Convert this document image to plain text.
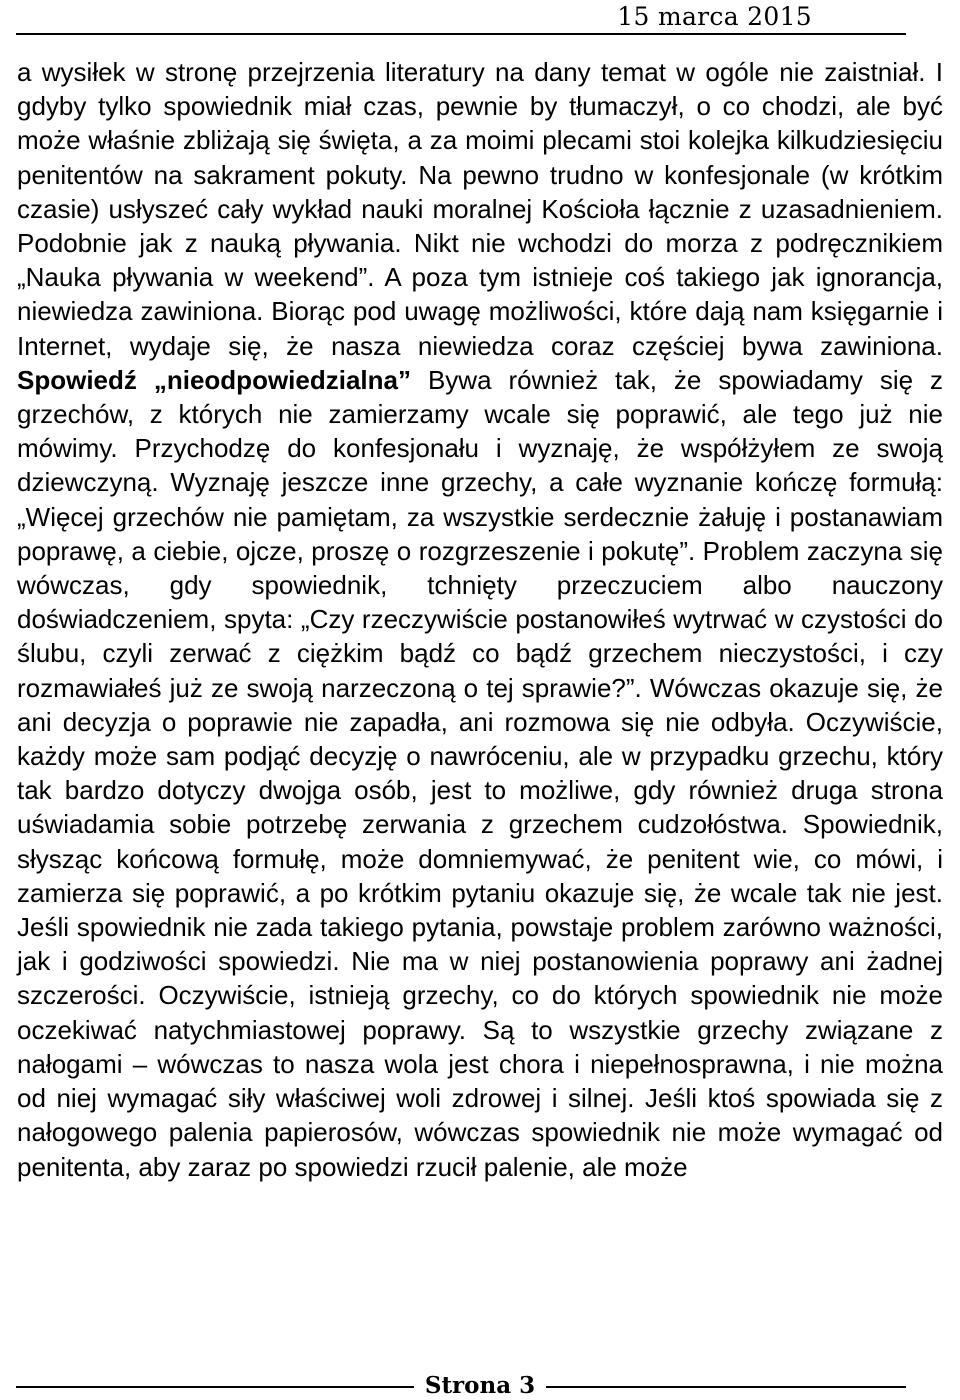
15 marca 2015

a wysiłek w stronę przejrzenia literatury na dany temat w ogóle nie zaistniał. I gdyby tylko spowiednik miał czas, pewnie by tłumaczył, o co chodzi, ale być może właśnie zbliżają się święta, a za moimi plecami stoi kolejka kilkudziesięciu penitentów na sakrament pokuty. Na pewno trudno w konfesjonale (w krótkim czasie) usłyszeć cały wykład nauki moralnej Kościoła łącznie z uzasadnieniem. Podobnie jak z nauką pływania. Nikt nie wchodzi do morza z podręcznikiem „Nauka pływania w weekend”. A poza tym istnieje coś takiego jak ignorancja, niewiedza zawiniona. Biorąc pod uwagę możliwości, które dają nam księgarnie i Internet, wydaje się, że nasza niewiedza coraz częściej bywa zawiniona. Spowiedź „nieodpowiedzialna” Bywa również tak, że spowiadamy się z grzechów, z których nie zamierzamy wcale się poprawić, ale tego już nie mówimy. Przychodzę do konfesjonału i wyznaję, że współżyłem ze swoją dziewczyną. Wyznaję jeszcze inne grzechy, a całe wyznanie kończę formułą: „Więcej grzechów nie pamiętam, za wszystkie serdecznie żałuję i postanawiam poprawę, a ciebie, ojcze, proszę o rozgrzeszenie i pokutę”. Problem zaczyna się wówczas, gdy spowiednik, tchnięty przeczuciem albo nauczony doświadczeniem, spyta: „Czy rzeczywiście postanowiłeś wytrwać w czystości do ślubu, czyli zerwać z ciężkim bądź co bądź grzechem nieczystości, i czy rozmawiałeś już ze swoją narzeczoną o tej sprawie?”. Wówczas okazuje się, że ani decyzja o poprawie nie zapadła, ani rozmowa się nie odbyła. Oczywiście, każdy może sam podjąć decyzję o nawróceniu, ale w przypadku grzechu, który tak bardzo dotyczy dwojga osób, jest to możliwe, gdy również druga strona uświadamia sobie potrzebę zerwania z grzechem cudzołóstwa. Spowiednik, słysząc końcową formułę, może domniemywać, że penitent wie, co mówi, i zamierza się poprawić, a po krótkim pytaniu okazuje się, że wcale tak nie jest. Jeśli spowiednik nie zada takiego pytania, powstaje problem zarówno ważności, jak i godziwości spowiedzi. Nie ma w niej postanowienia poprawy ani żadnej szczerości. Oczywiście, istnieją grzechy, co do których spowiednik nie może oczekiwać natychmiastowej poprawy. Są to wszystkie grzechy związane z nałogami – wówczas to nasza wola jest chora i niepełnosprawna, i nie można od niej wymagać siły właściwej woli zdrowej i silnej. Jeśli ktoś spowiada się z nałogowego palenia papierosów, wówczas spowiednik nie może wymagać od penitenta, aby zaraz po spowiedzi rzucił palenie, ale może

Strona 3
